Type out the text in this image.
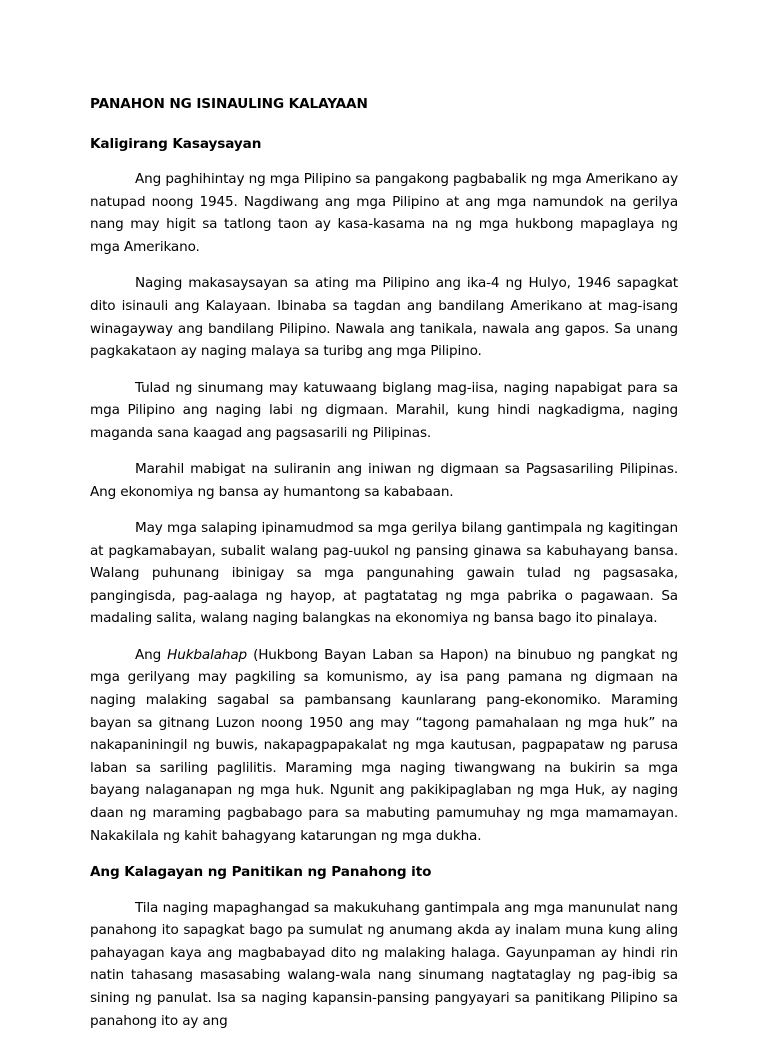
PANAHON NG ISINAULING KALAYAAN
Kaligirang Kasaysayan

Ang paghihintay ng mga Pilipino sa pangakong pagbabalik ng mga Amerikano ay natupad noong 1945. Nagdiwang ang mga Pilipino at ang mga namundok na gerilya nang may higit sa tatlong taon ay kasa-kasama na ng mga hukbong mapaglaya ng mga Amerikano.

Naging makasaysayan sa ating ma Pilipino ang ika-4 ng Hulyo, 1946 sapagkat dito isinauli ang Kalayaan. Ibinaba sa tagdan ang bandilang Amerikano at mag-isang winagayway ang bandilang Pilipino. Nawala ang tanikala, nawala ang gapos. Sa unang pagkakataon ay naging malaya sa turibg ang mga Pilipino.

Tulad ng sinumang may katuwaang biglang mag-iisa, naging napabigat para sa mga Pilipino ang naging labi ng digmaan. Marahil, kung hindi nagkadigma, naging maganda sana kaagad ang pagsasarili ng Pilipinas.

Marahil mabigat na suliranin ang iniwan ng digmaan sa Pagsasariling Pilipinas. Ang ekonomiya ng bansa ay humantong sa kababaan.

May mga salaping ipinamudmod sa mga gerilya bilang gantimpala ng kagitingan at pagkamabayan, subalit walang pag-uukol ng pansing ginawa sa kabuhayang bansa. Walang puhunang ibinigay sa mga pangunahing gawain tulad ng pagsasaka, pangingisda, pag-aalaga ng hayop, at pagtatatag ng mga pabrika o pagawaan. Sa madaling salita, walang naging balangkas na ekonomiya ng bansa bago ito pinalaya.

Ang Hukbalahap (Hukbong Bayan Laban sa Hapon) na binubuo ng pangkat ng mga gerilyang may pagkiling sa komunismo, ay isa pang pamana ng digmaan na naging malaking sagabal sa pambansang kaunlarang pang-ekonomiko. Maraming bayan sa gitnang Luzon noong 1950 ang may “tagong pamahalaan ng mga huk” na nakapaniningil ng buwis, nakapagpapakalat ng mga kautusan, pagpapataw ng parusa laban sa sariling paglilitis. Maraming mga naging tiwangwang na bukirin sa mga bayang nalaganapan ng mga huk. Ngunit ang pakikipaglaban ng mga Huk, ay naging daan ng maraming pagbabago para sa mabuting pamumuhay ng mga mamamayan. Nakakilala ng kahit bahagyang katarungan ng mga dukha.

Ang Kalagayan ng Panitikan ng Panahong ito

Tila naging mapaghangad sa makukuhang gantimpala ang mga manunulat nang panahong ito sapagkat bago pa sumulat ng anumang akda ay inalam muna kung aling pahayagan kaya ang magbabayad dito ng malaking halaga. Gayunpaman ay hindi rin natin tahasang masasabing walang-wala nang sinumang nagtataglay ng pag-ibig sa sining ng panulat. Isa sa naging kapansin-pansing pangyayari sa panitikang Pilipino sa panahong ito ay ang
